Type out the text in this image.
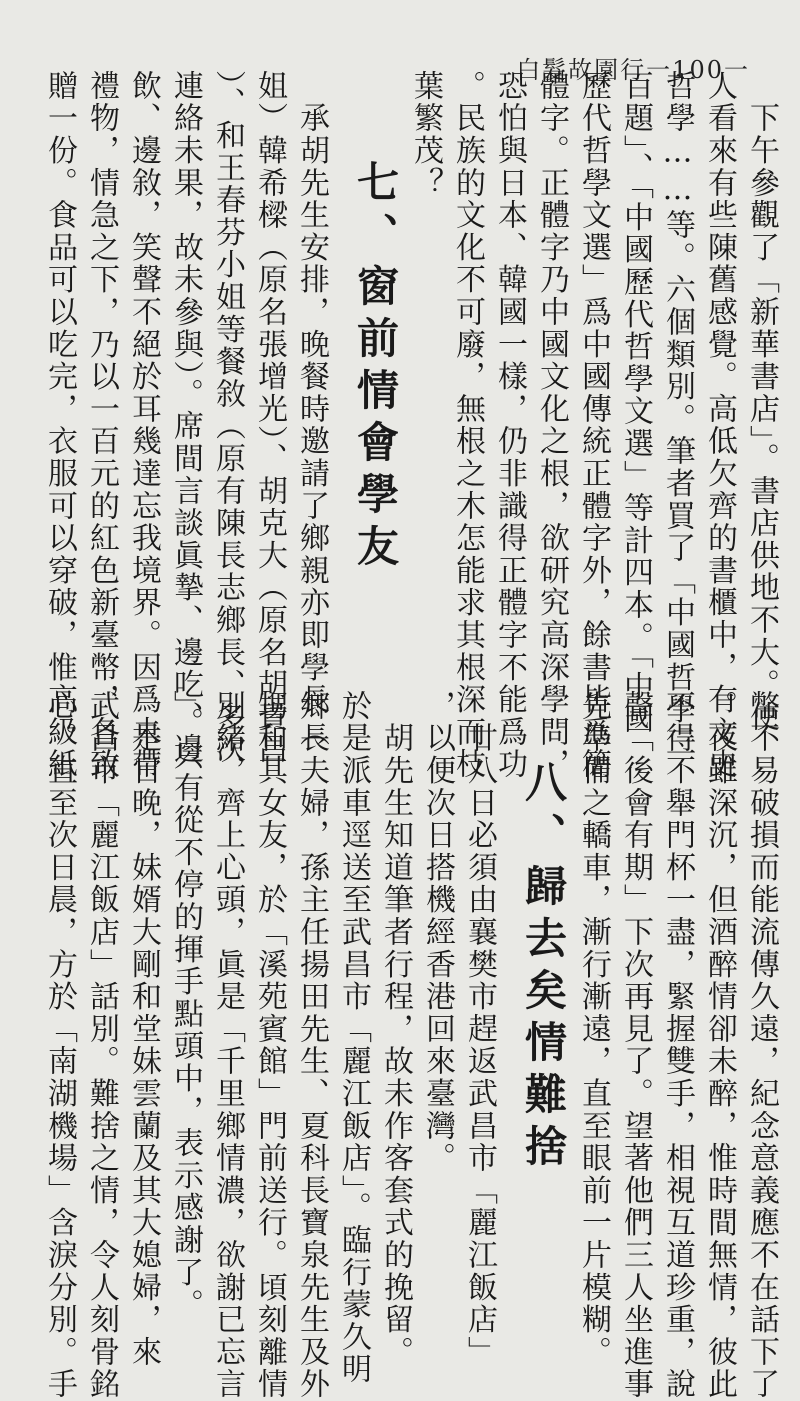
白髮故園行一100一
　下午參觀了「新華書店」。書店供地不大。使
人看來有些陳舊感覺。高低欠齊的書櫃中，有文史
哲學……等。六個類別。筆者買了「中國哲學三
百題」、「中國歷代哲學文選」等計四本。「中國
歷代哲學文選」爲中國傳統正體字外，餘書皆爲簡
體字。正體字乃中國文化之根，欲研究高深學問，
恐怕與日本、韓國一樣，仍非識得正體字不能爲功
。民族的文化不可廢，無根之木怎能求其根深而枝
葉繁茂？
七、窗前情會學友
　承胡先生安排，晚餐時邀請了鄉親亦即學長（
姐）韓希樑（原名張增光）、胡克大（原名胡貴昌
）、和王春芬小姐等餐敘（原有陳長志鄉長、多次
連絡未果，故未參與）。席間言談眞摯、邊吃、邊
飲、邊敘，笑聲不絕於耳幾達忘我境界。因爲未帶
禮物，情急之下，乃以一百元的紅色新臺幣，各致
贈一份。食品可以吃完，衣服可以穿破，惟高級紙
幣不易破損而能流傳久遠，紀念意義應不在話下了
。夜雖深沉，但酒醉情卻未醉，惟時間無情，彼此
不得不舉門杯一盡，緊握雙手，相視互道珍重，說
聲「後會有期」下次再見了。望著他們三人坐進事
先準備之轎車，漸行漸遠，直至眼前一片模糊。
八、歸去矣情難捨
　廿八日必須由襄樊市趕返武昌市「麗江飯店」
，以便次日搭機經香港回來臺灣。
　胡先生知道筆者行程，故未作客套式的挽留。
於是派車逕送至武昌市「麗江飯店」。臨行蒙久明
鄉長夫婦，孫主任揚田先生、夏科長寶泉先生及外
甥和其女友，於「溪苑賓館」門前送行。頃刻離情
別緒，齊上心頭，眞是「千里鄉情濃，欲謝已忘言
」。只有從不停的揮手點頭中，表示感謝了。
　是日晚，妹婿大剛和堂妹雲蘭及其大媳婦，來
武昌市「麗江飯店」話別。難捨之情，令人刻骨銘
心。直至次日晨，方於「南湖機場」含淚分別。手
